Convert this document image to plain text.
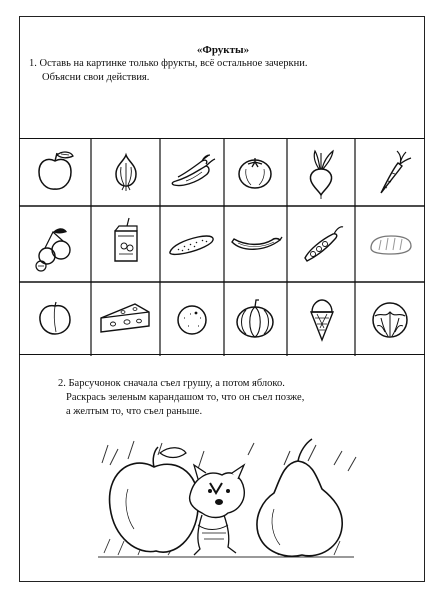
«Фрукты»
1. Оставь на картинке только фрукты, всё остальное зачеркни.
Объясни свои действия.
2. Барсучонок сначала съел грушу, а потом яблоко.
Раскрась зеленым карандашом то, что он съел позже,
а желтым то, что съел раньше.
